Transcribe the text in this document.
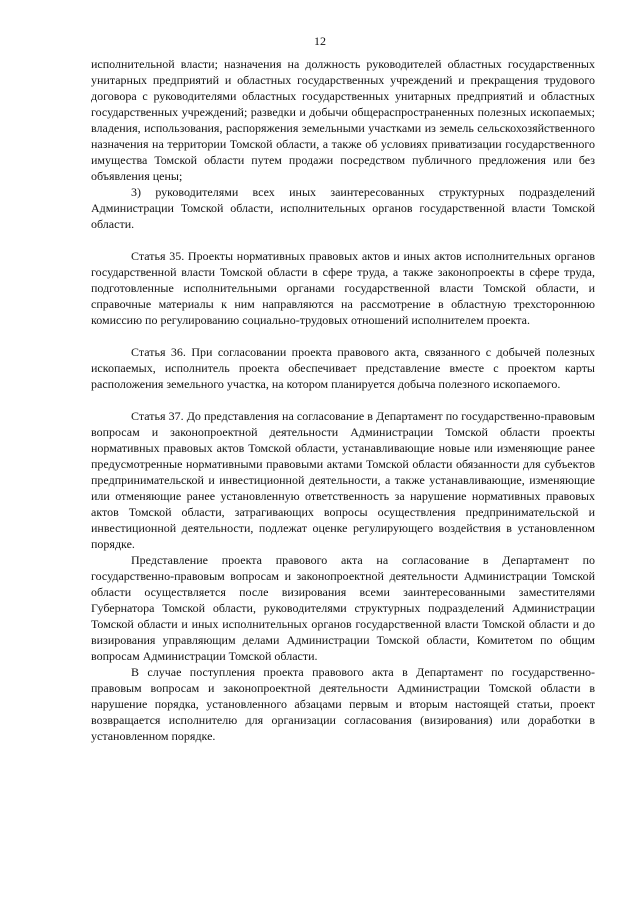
12

исполнительной власти; назначения на должность руководителей областных государственных унитарных предприятий и областных государственных учреждений и прекращения трудового договора с руководителями областных государственных унитарных предприятий и областных государственных учреждений; разведки и добычи общераспространенных полезных ископаемых; владения, использования, распоряжения земельными участками из земель сельскохозяйственного назначения на территории Томской области, а также об условиях приватизации государственного имущества Томской области путем продажи посредством публичного предложения или без объявления цены;

3) руководителями всех иных заинтересованных структурных подразделений Администрации Томской области, исполнительных органов государственной власти Томской области.

Статья 35. Проекты нормативных правовых актов и иных актов исполнительных органов государственной власти Томской области в сфере труда, а также законопроекты в сфере труда, подготовленные исполнительными органами государственной власти Томской области, и справочные материалы к ним направляются на рассмотрение в областную трехстороннюю комиссию по регулированию социально-трудовых отношений исполнителем проекта.

Статья 36. При согласовании проекта правового акта, связанного с добычей полезных ископаемых, исполнитель проекта обеспечивает представление вместе с проектом карты расположения земельного участка, на котором планируется добыча полезного ископаемого.

Статья 37. До представления на согласование в Департамент по государственно-правовым вопросам и законопроектной деятельности Администрации Томской области проекты нормативных правовых актов Томской области, устанавливающие новые или изменяющие ранее предусмотренные нормативными правовыми актами Томской области обязанности для субъектов предпринимательской и инвестиционной деятельности, а также устанавливающие, изменяющие или отменяющие ранее установленную ответственность за нарушение нормативных правовых актов Томской области, затрагивающих вопросы осуществления предпринимательской и инвестиционной деятельности, подлежат оценке регулирующего воздействия в установленном порядке.

Представление проекта правового акта на согласование в Департамент по государственно-правовым вопросам и законопроектной деятельности Администрации Томской области осуществляется после визирования всеми заинтересованными заместителями Губернатора Томской области, руководителями структурных подразделений Администрации Томской области и иных исполнительных органов государственной власти Томской области и до визирования управляющим делами Администрации Томской области, Комитетом по общим вопросам Администрации Томской области.

В случае поступления проекта правового акта в Департамент по государственно-правовым вопросам и законопроектной деятельности Администрации Томской области в нарушение порядка, установленного абзацами первым и вторым настоящей статьи, проект возвращается исполнителю для организации согласования (визирования) или доработки в установленном порядке.
